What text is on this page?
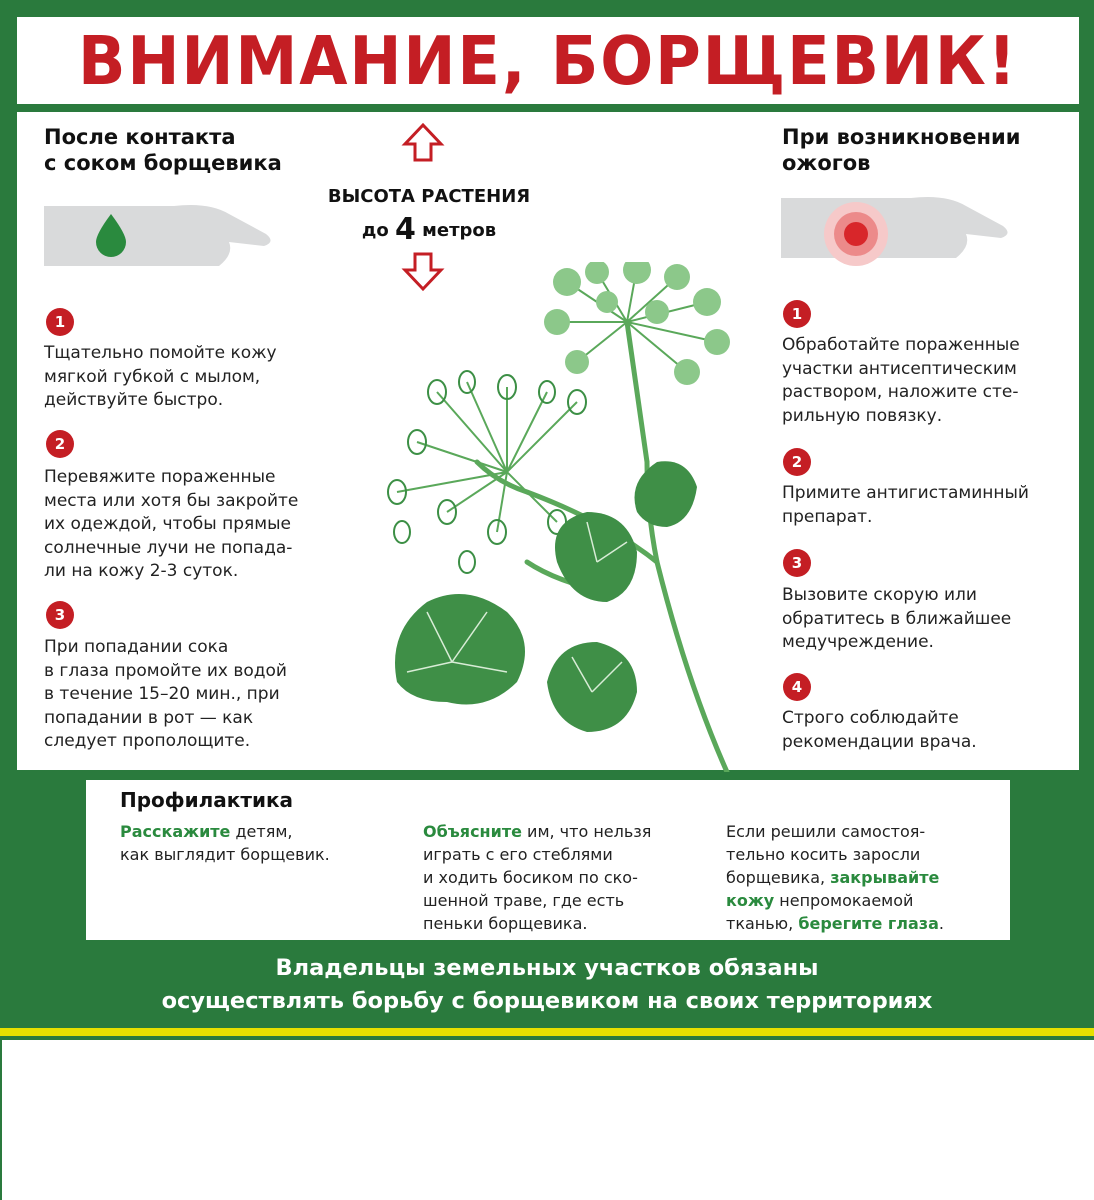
ВНИМАНИЕ, БОРЩЕВИК!
После контакта
с соком борщевика
1
Тщательно помойте кожу
мягкой губкой с мылом,
действуйте быстро.
2
Перевяжите пораженные
места или хотя бы закройте
их одеждой, чтобы прямые
солнечные лучи не попада-
ли на кожу 2-3 суток.
3
При попадании сока
в глаза промойте их водой
в течение 15–20 мин., при
попадании в рот — как
следует прополощите.
ВЫСОТА РАСТЕНИЯ
до 4 метров
При возникновении
ожогов
1
Обработайте пораженные
участки антисептическим
раствором, наложите сте-
рильную повязку.
2
Примите антигистаминный
препарат.
3
Вызовите скорую или
обратитесь в ближайшее
медучреждение.
4
Строго соблюдайте
рекомендации врача.
Профилактика
Расскажите детям,
как выглядит борщевик.
Объясните им, что нельзя
играть с его стеблями
и ходить босиком по ско-
шенной траве, где есть
пеньки борщевика.
Если решили самостоя-
тельно косить заросли
борщевика, закрывайте
кожу непромокаемой
тканью, берегите глаза.
Владельцы земельных участков обязаны
осуществлять борьбу с борщевиком на своих территориях
